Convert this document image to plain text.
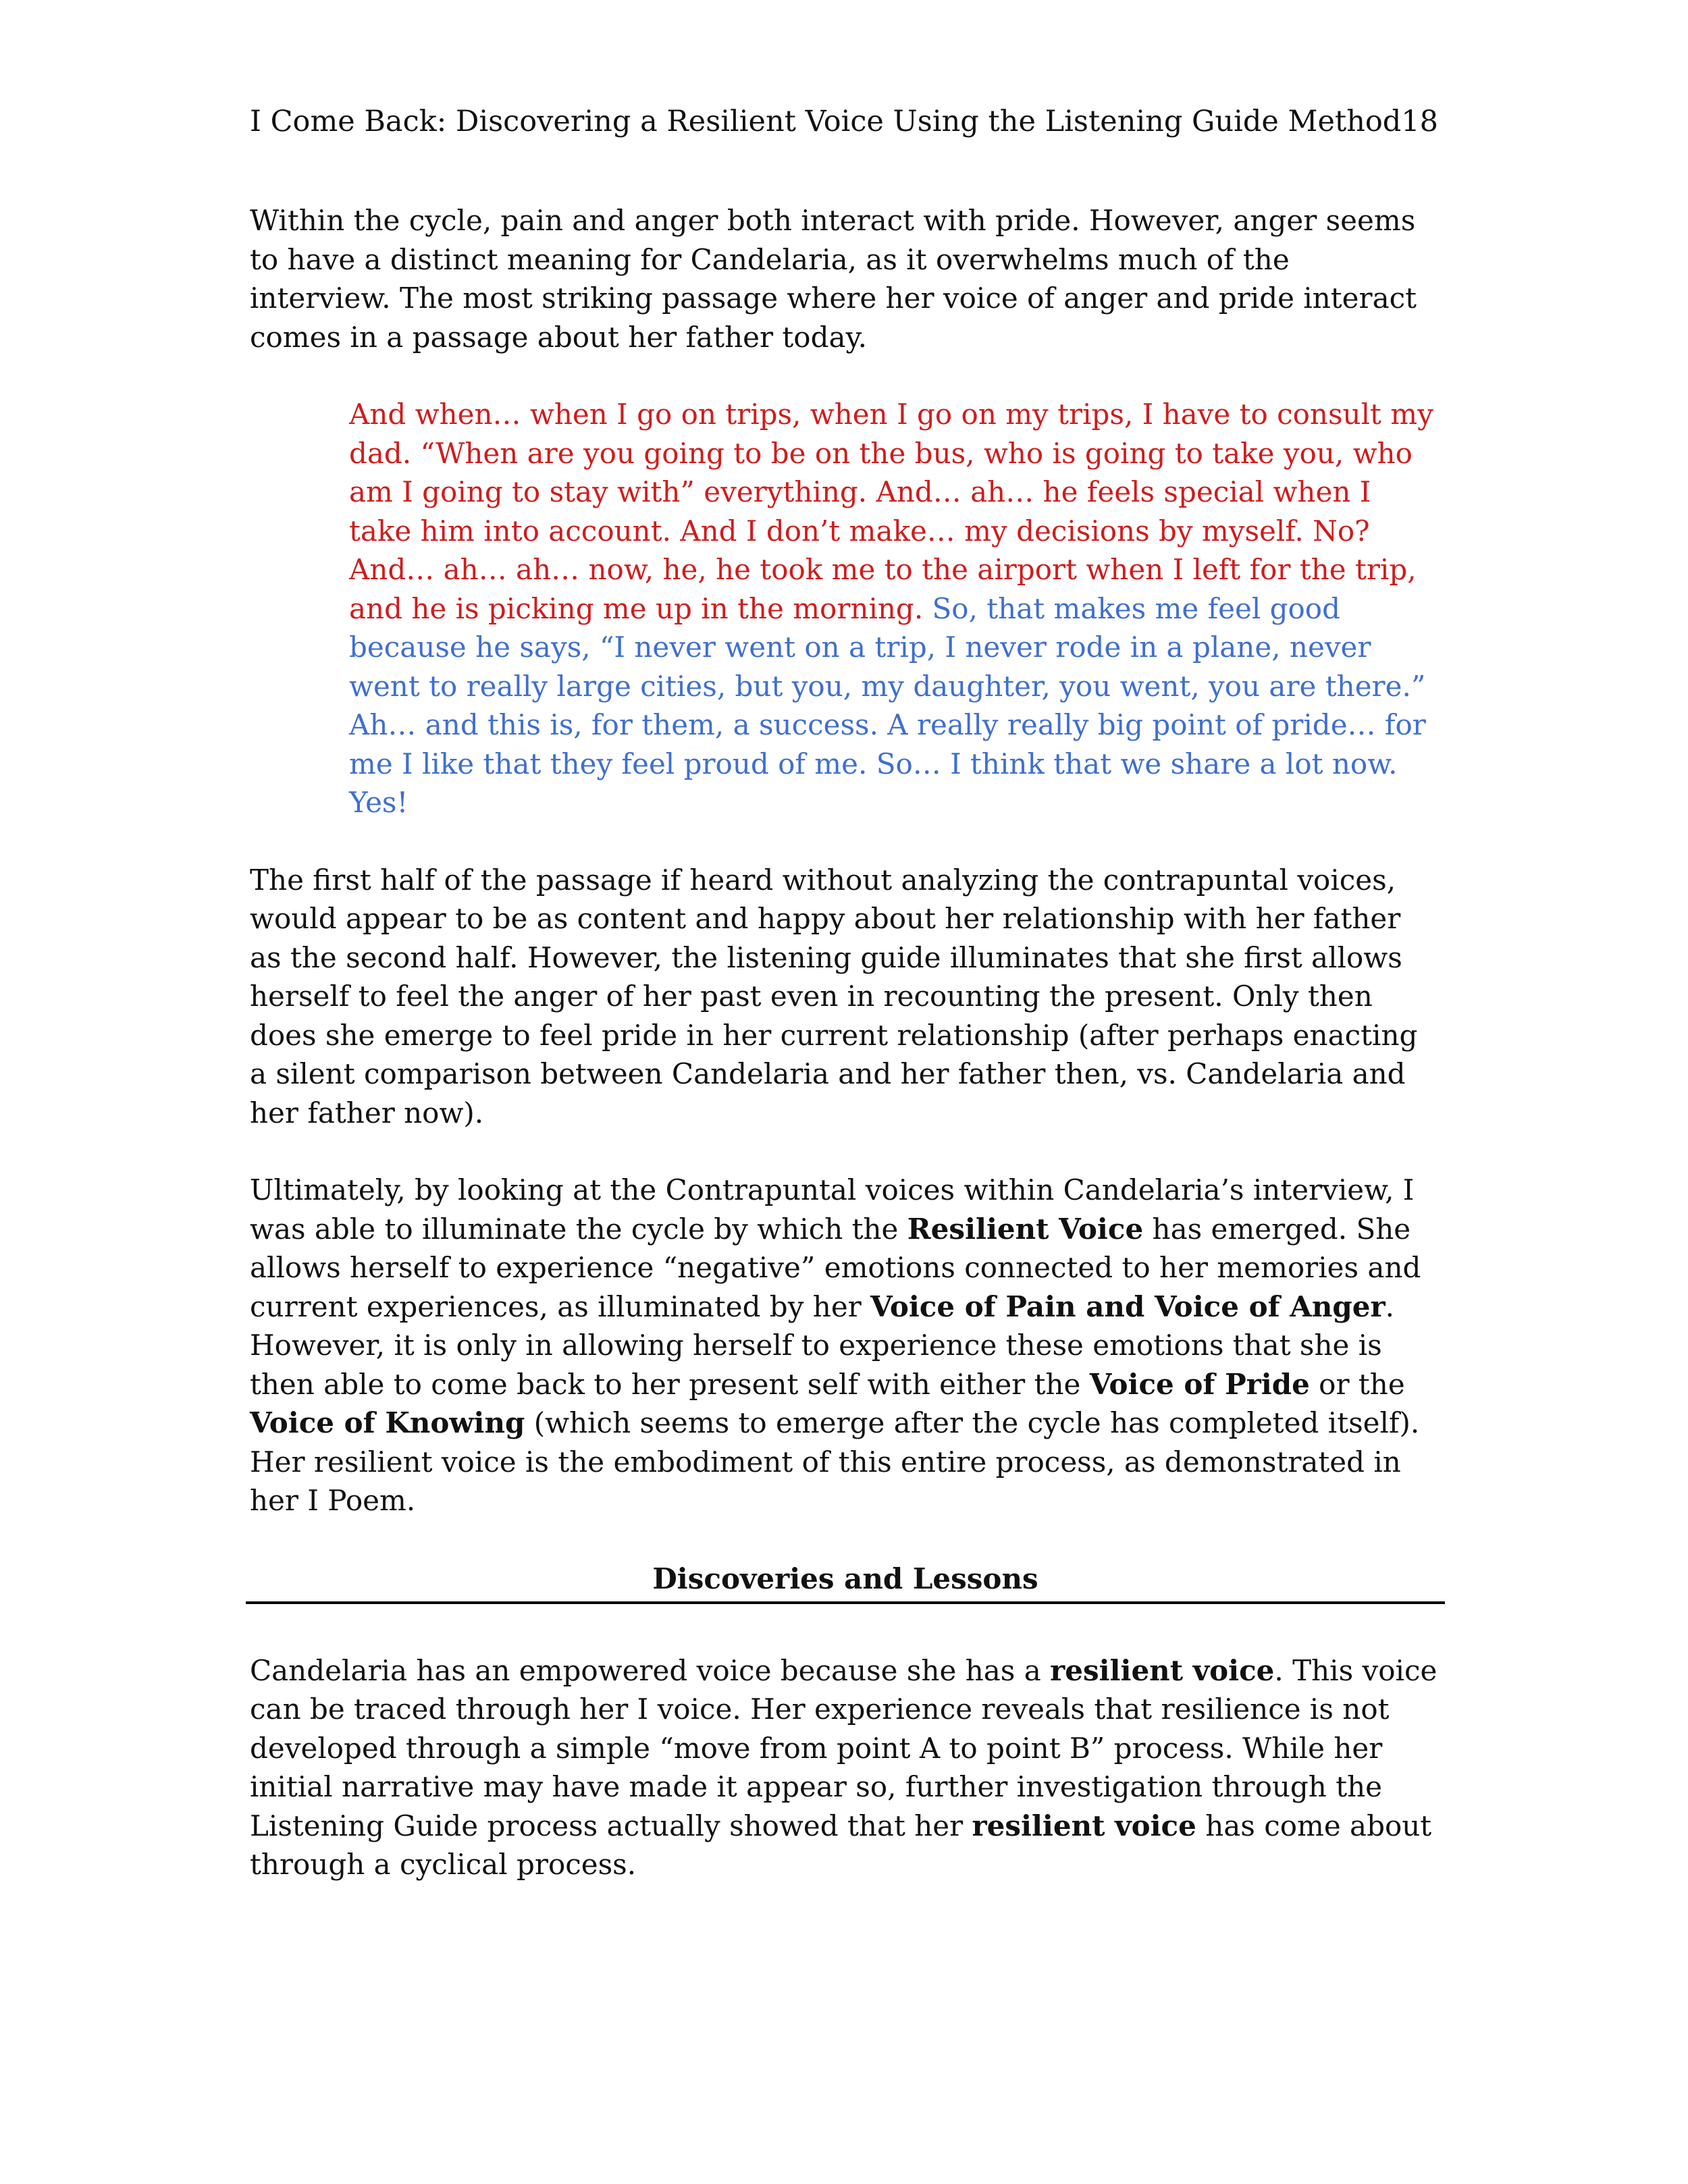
I Come Back: Discovering a Resilient Voice Using the Listening Guide Method 18

Within the cycle, pain and anger both interact with pride. However, anger seems to have a distinct meaning for Candelaria, as it overwhelms much of the interview. The most striking passage where her voice of anger and pride interact comes in a passage about her father today.

And when… when I go on trips, when I go on my trips, I have to consult my dad. “When are you going to be on the bus, who is going to take you, who am I going to stay with” everything. And… ah… he feels special when I take him into account. And I don’t make… my decisions by myself. No? And… ah… ah… now, he, he took me to the airport when I left for the trip, and he is picking me up in the morning. So, that makes me feel good because he says, “I never went on a trip, I never rode in a plane, never went to really large cities, but you, my daughter, you went, you are there.” Ah… and this is, for them, a success. A really really big point of pride… for me I like that they feel proud of me. So… I think that we share a lot now. Yes!

The first half of the passage if heard without analyzing the contrapuntal voices, would appear to be as content and happy about her relationship with her father as the second half. However, the listening guide illuminates that she first allows herself to feel the anger of her past even in recounting the present. Only then does she emerge to feel pride in her current relationship (after perhaps enacting a silent comparison between Candelaria and her father then, vs. Candelaria and her father now).

Ultimately, by looking at the Contrapuntal voices within Candelaria’s interview, I was able to illuminate the cycle by which the Resilient Voice has emerged. She allows herself to experience “negative” emotions connected to her memories and current experiences, as illuminated by her Voice of Pain and Voice of Anger. However, it is only in allowing herself to experience these emotions that she is then able to come back to her present self with either the Voice of Pride or the Voice of Knowing (which seems to emerge after the cycle has completed itself). Her resilient voice is the embodiment of this entire process, as demonstrated in her I Poem.

Discoveries and Lessons

Candelaria has an empowered voice because she has a resilient voice. This voice can be traced through her I voice. Her experience reveals that resilience is not developed through a simple “move from point A to point B” process. While her initial narrative may have made it appear so, further investigation through the Listening Guide process actually showed that her resilient voice has come about through a cyclical process.
